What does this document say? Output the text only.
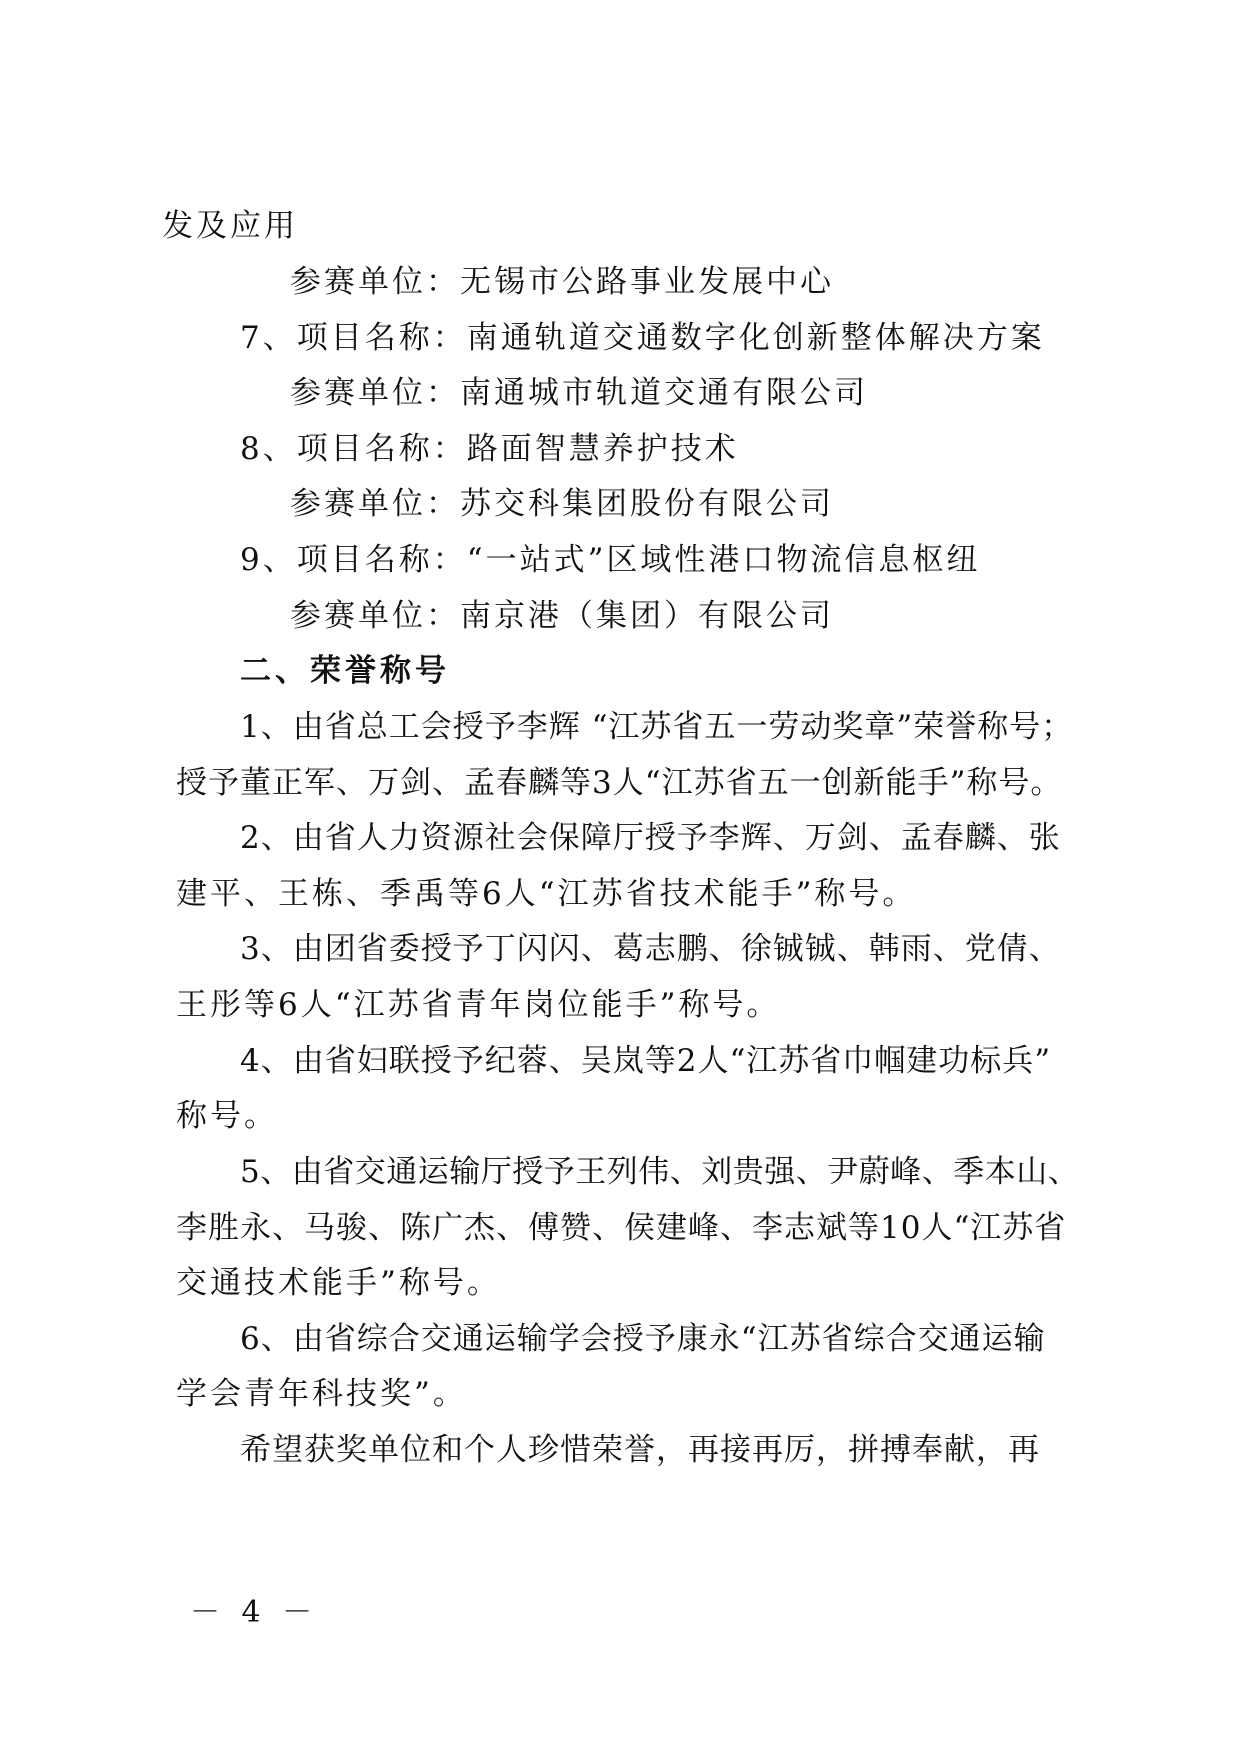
发及应用
参赛单位：无锡市公路事业发展中心
7、项目名称：南通轨道交通数字化创新整体解决方案
参赛单位：南通城市轨道交通有限公司
8、项目名称：路面智慧养护技术
参赛单位：苏交科集团股份有限公司
9、项目名称：“一站式”区域性港口物流信息枢纽
参赛单位：南京港（集团）有限公司
二、荣誉称号
1、由省总工会授予李辉 “江苏省五一劳动奖章”荣誉称号；
授予董正军、万剑、孟春麟等3人“江苏省五一创新能手”称号。
2、由省人力资源社会保障厅授予李辉、万剑、孟春麟、张
建平、王栋、季禹等6人“江苏省技术能手”称号。
3、由团省委授予丁闪闪、葛志鹏、徐铖铖、韩雨、党倩、
王彤等6人“江苏省青年岗位能手”称号。
4、由省妇联授予纪蓉、吴岚等2人“江苏省巾帼建功标兵”
称号。
5、由省交通运输厅授予王列伟、刘贵强、尹蔚峰、季本山、
李胜永、马骏、陈广杰、傅赞、侯建峰、李志斌等10人“江苏省
交通技术能手”称号。
6、由省综合交通运输学会授予康永“江苏省综合交通运输
学会青年科技奖”。
希望获奖单位和个人珍惜荣誉，再接再厉，拼搏奉献，再
－ 4 －
